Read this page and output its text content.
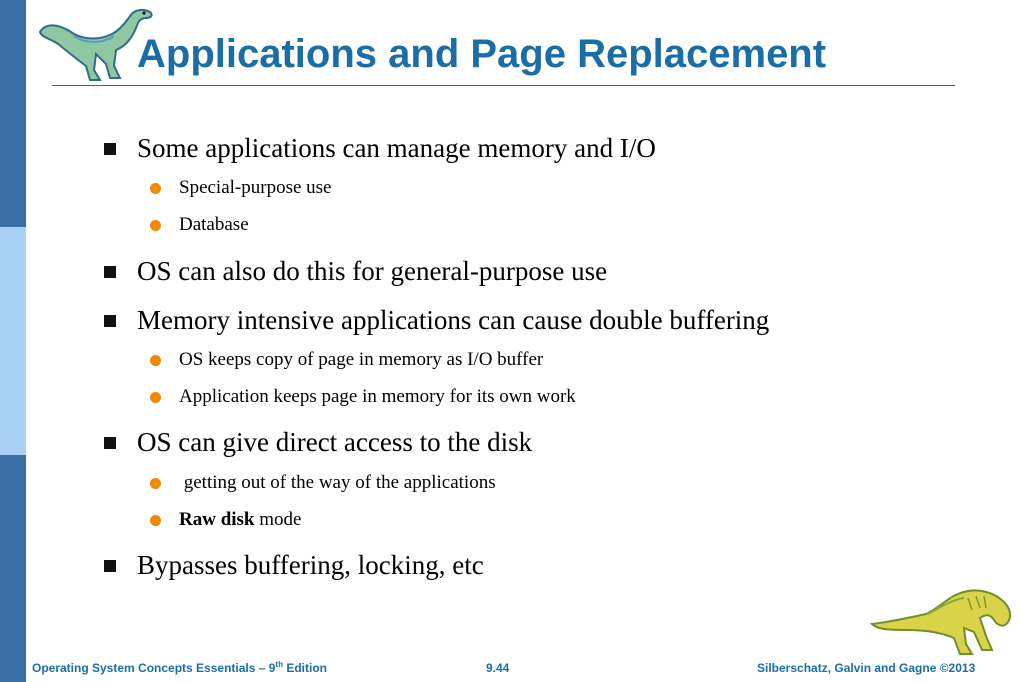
Applications and Page Replacement
Some applications can manage memory and I/O
Special-purpose use
Database
OS can also do this for general-purpose use
Memory intensive applications can cause double buffering
OS keeps copy of page in memory as I/O buffer
Application keeps page in memory for its own work
OS can give direct access to the disk
getting out of the way of the applications
Raw disk mode
Bypasses buffering, locking, etc
Operating System Concepts Essentials – 9th Edition	9.44	Silberschatz, Galvin and Gagne ©2013
